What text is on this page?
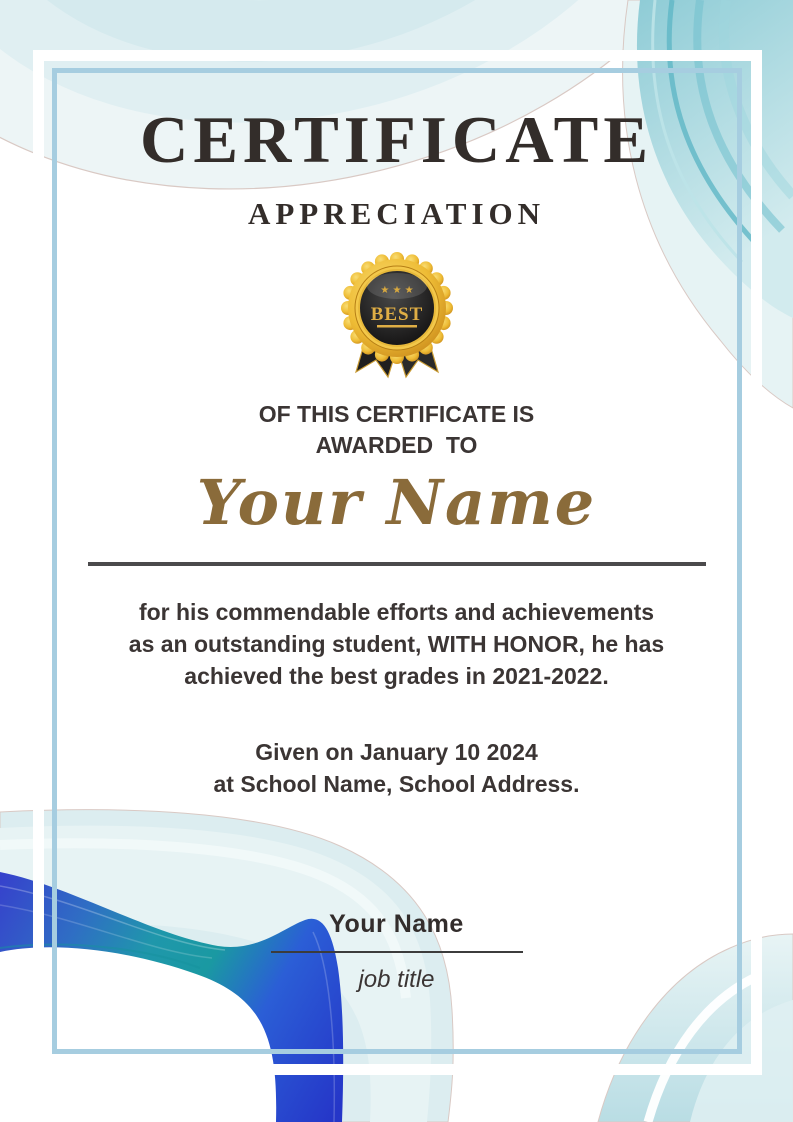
CERTIFICATE
APPRECIATION
★ ★ ★
BEST
OF THIS CERTIFICATE IS
AWARDED  TO
Your Name
for his commendable efforts and achievements
as an outstanding student, WITH HONOR, he has
achieved the best grades in 2021-2022.
Given on January 10 2024
at School Name, School Address.
Your Name
job title
